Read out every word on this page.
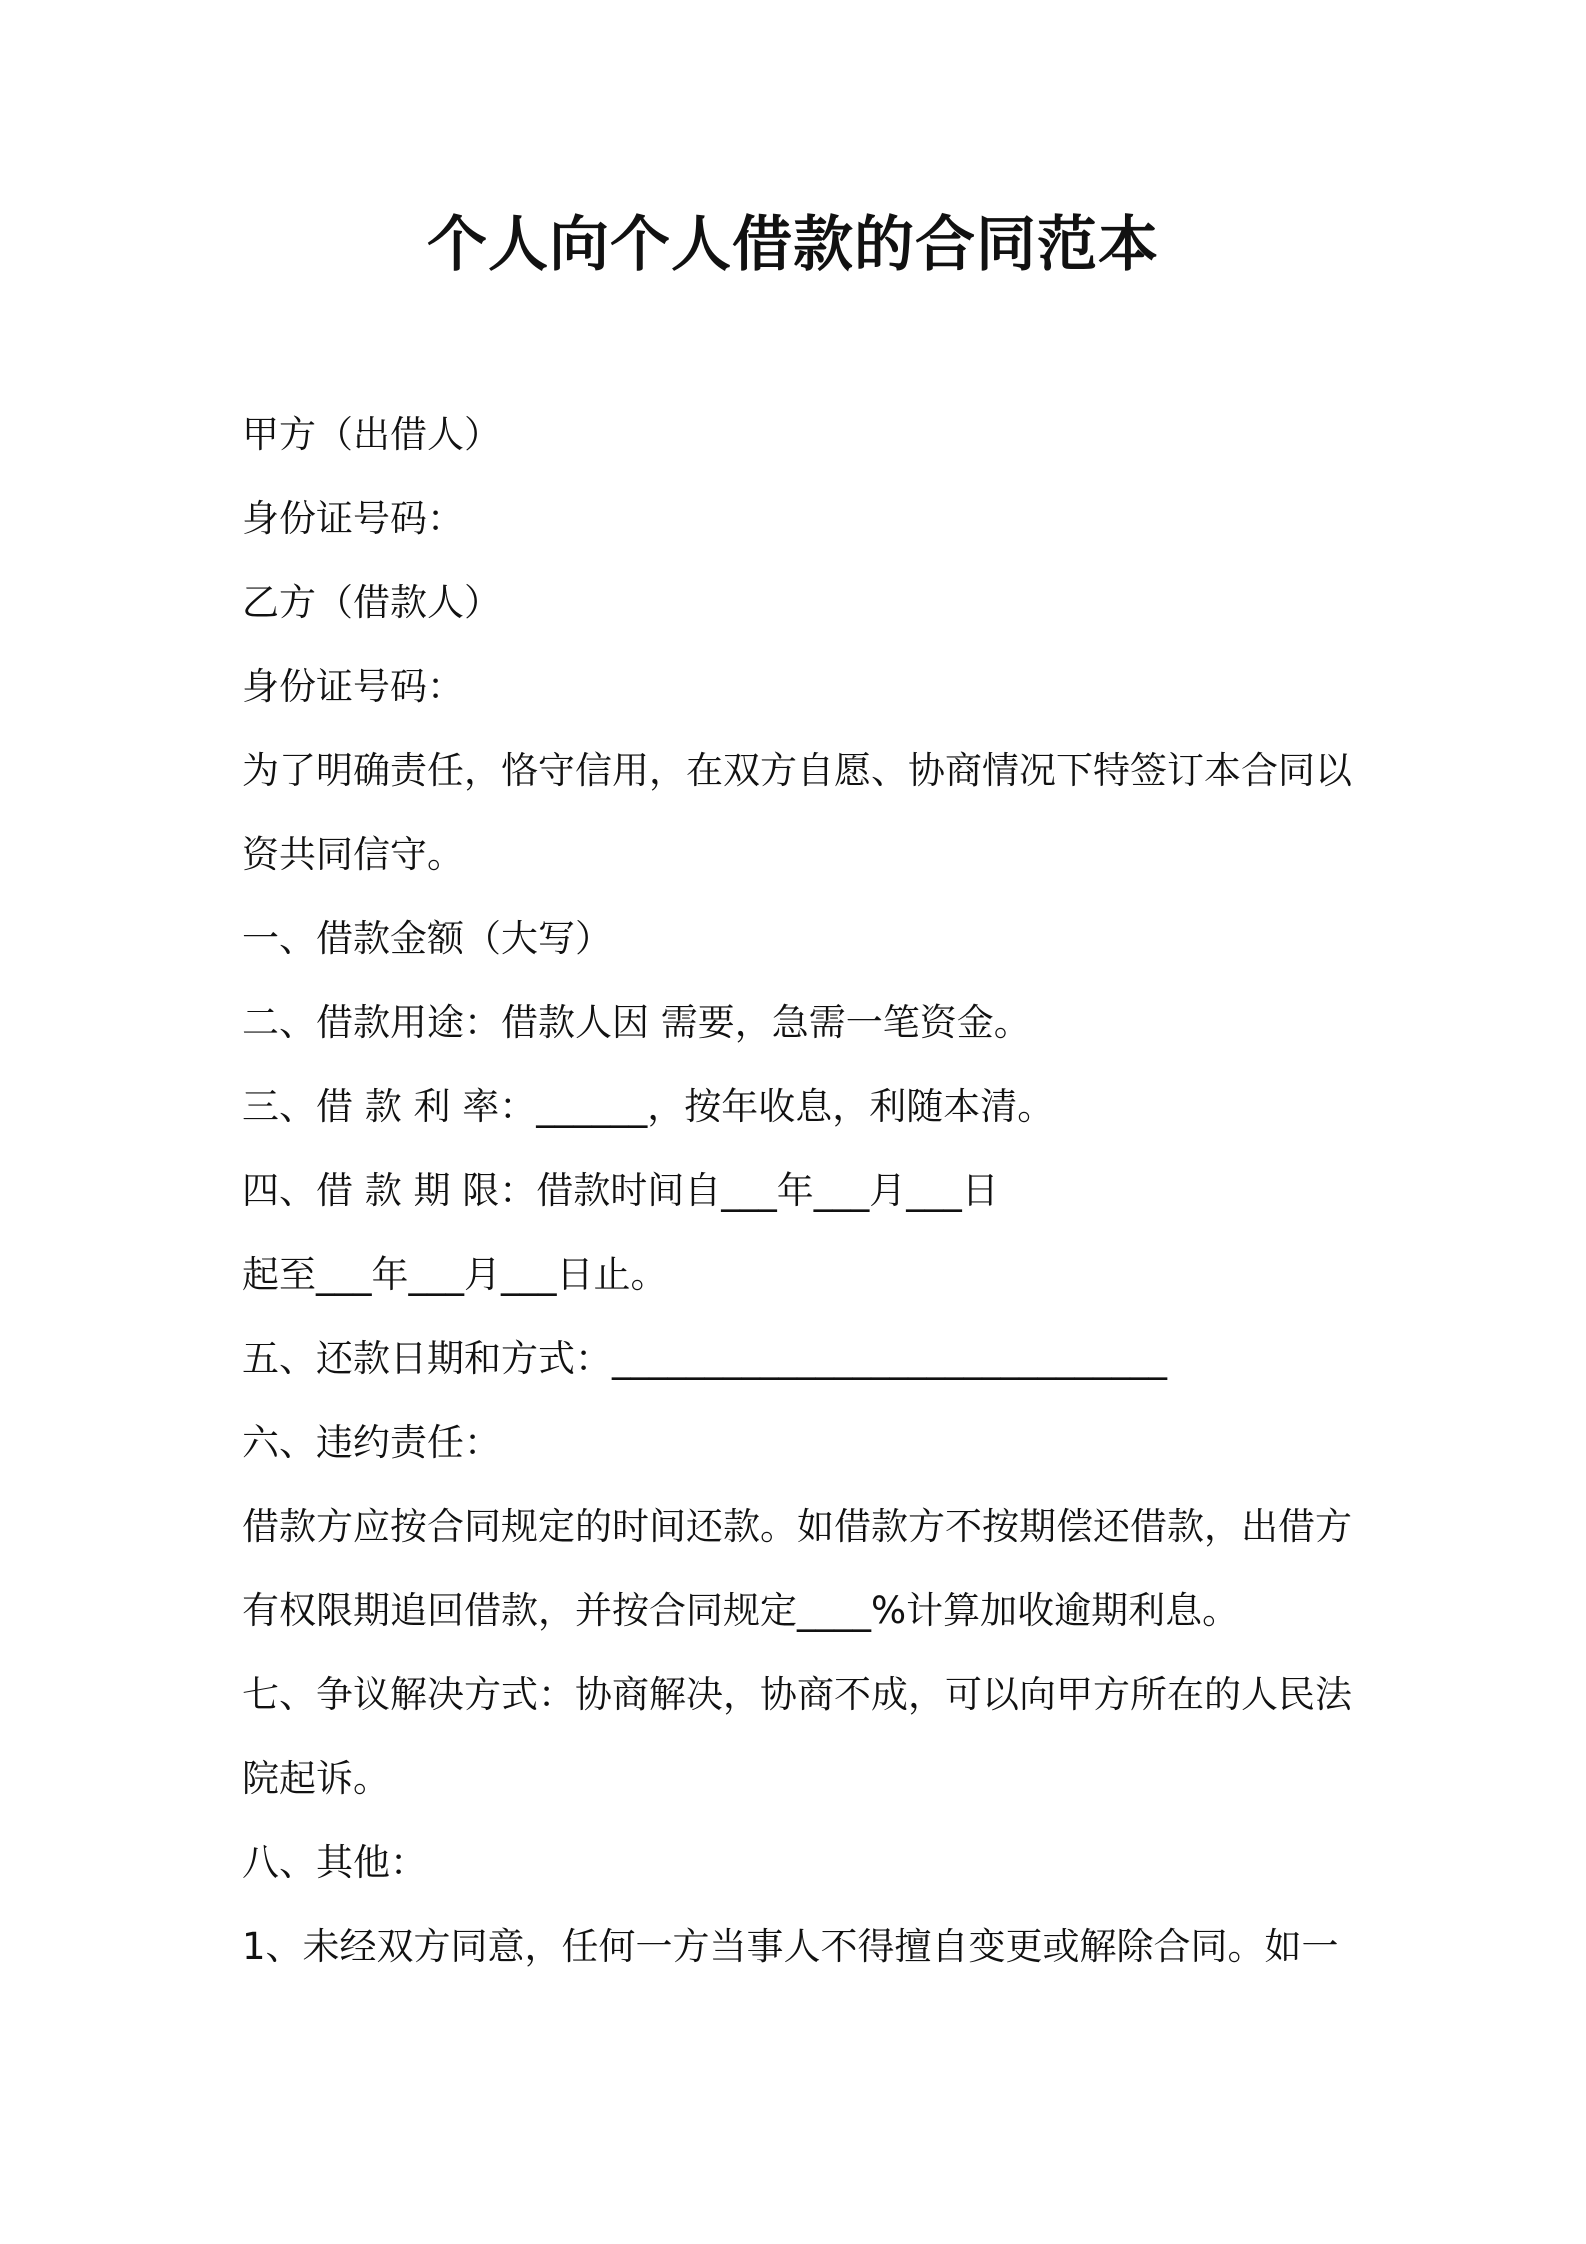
个人向个人借款的合同范本
甲方（出借人）
身份证号码：
乙方（借款人）
身份证号码：
为了明确责任，恪守信用，在双方自愿、协商情况下特签订本合同以
资共同信守。
一、借款金额（大写）
二、借款用途：借款人因 需要，急需一笔资金。
三、借 款 利 率：______，按年收息，利随本清。
四、借 款 期 限：借款时间自___年___月___日
起至___年___月___日止。
五、还款日期和方式：______________________________
六、违约责任：
借款方应按合同规定的时间还款。如借款方不按期偿还借款，出借方
有权限期追回借款，并按合同规定____%计算加收逾期利息。
七、争议解决方式：协商解决，协商不成，可以向甲方所在的人民法
院起诉。
八、其他：
1、未经双方同意，任何一方当事人不得擅自变更或解除合同。如一
